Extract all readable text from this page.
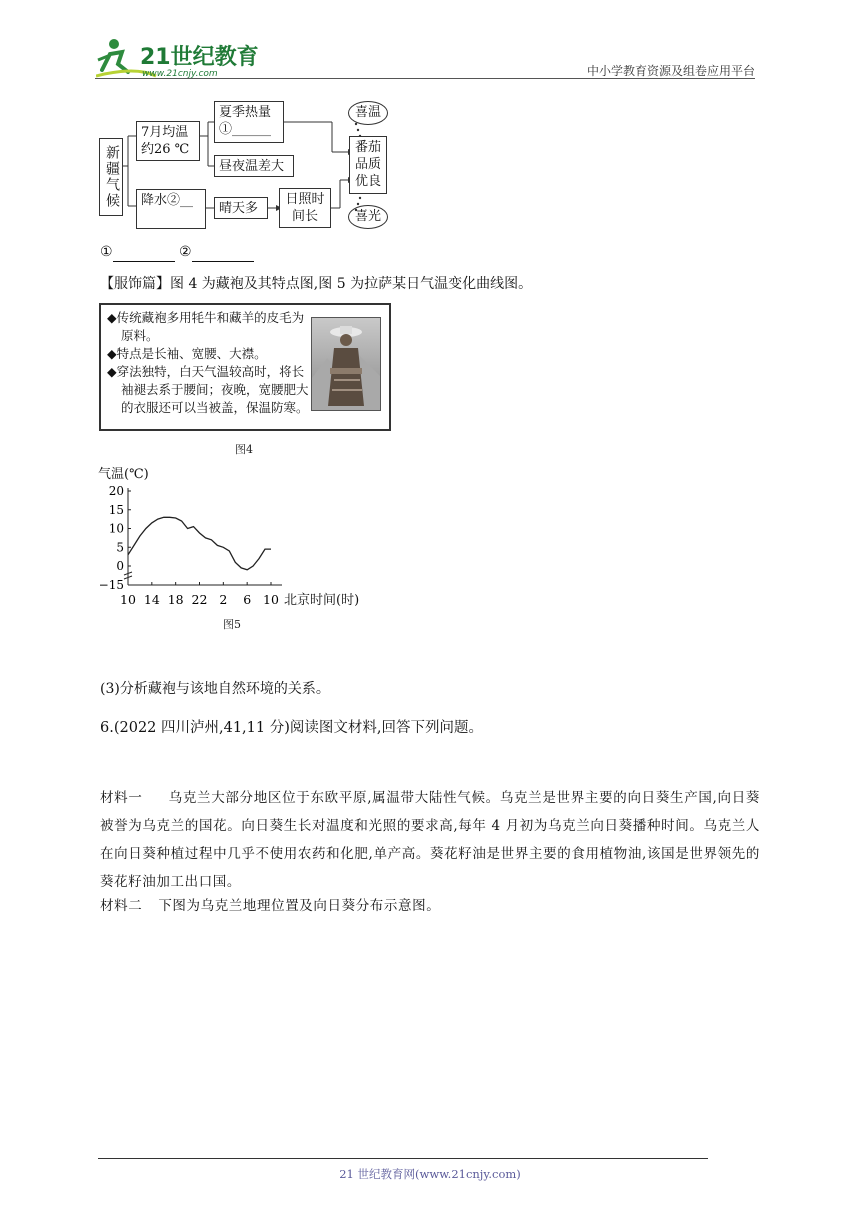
21世纪教育
www.21cnjy.com	中小学教育资源及组卷应用平台
新疆气候
7月均温约26 ℃
夏季热量①______
昼夜温差大
降水②__
晴天多
日照时间长
番茄品质优良
喜温
喜光
①	②
【服饰篇】图 4 为藏袍及其特点图,图 5 为拉萨某日气温变化曲线图。
◆传统藏袍多用牦牛和藏羊的皮毛为原料。
◆特点是长袖、宽腰、大襟。
◆穿法独特，白天气温较高时，将长袖褪去系于腰间；夜晚，宽腰肥大的衣服还可以当被盖，保温防寒。
图4
气温(℃)
20
15
10
5
0
−15
10 14 18 22 2 6 10 北京时间(时)
图5
(3)分析藏袍与该地自然环境的关系。
6.(2022 四川泸州,41,11 分)阅读图文材料,回答下列问题。
材料一 乌克兰大部分地区位于东欧平原,属温带大陆性气候。乌克兰是世界主要的向日葵生产国,向日葵被誉为乌克兰的国花。向日葵生长对温度和光照的要求高,每年 4 月初为乌克兰向日葵播种时间。乌克兰人在向日葵种植过程中几乎不使用农药和化肥,单产高。葵花籽油是世界主要的食用植物油,该国是世界领先的葵花籽油加工出口国。
材料二 下图为乌克兰地理位置及向日葵分布示意图。
21 世纪教育网(www.21cnjy.com)
